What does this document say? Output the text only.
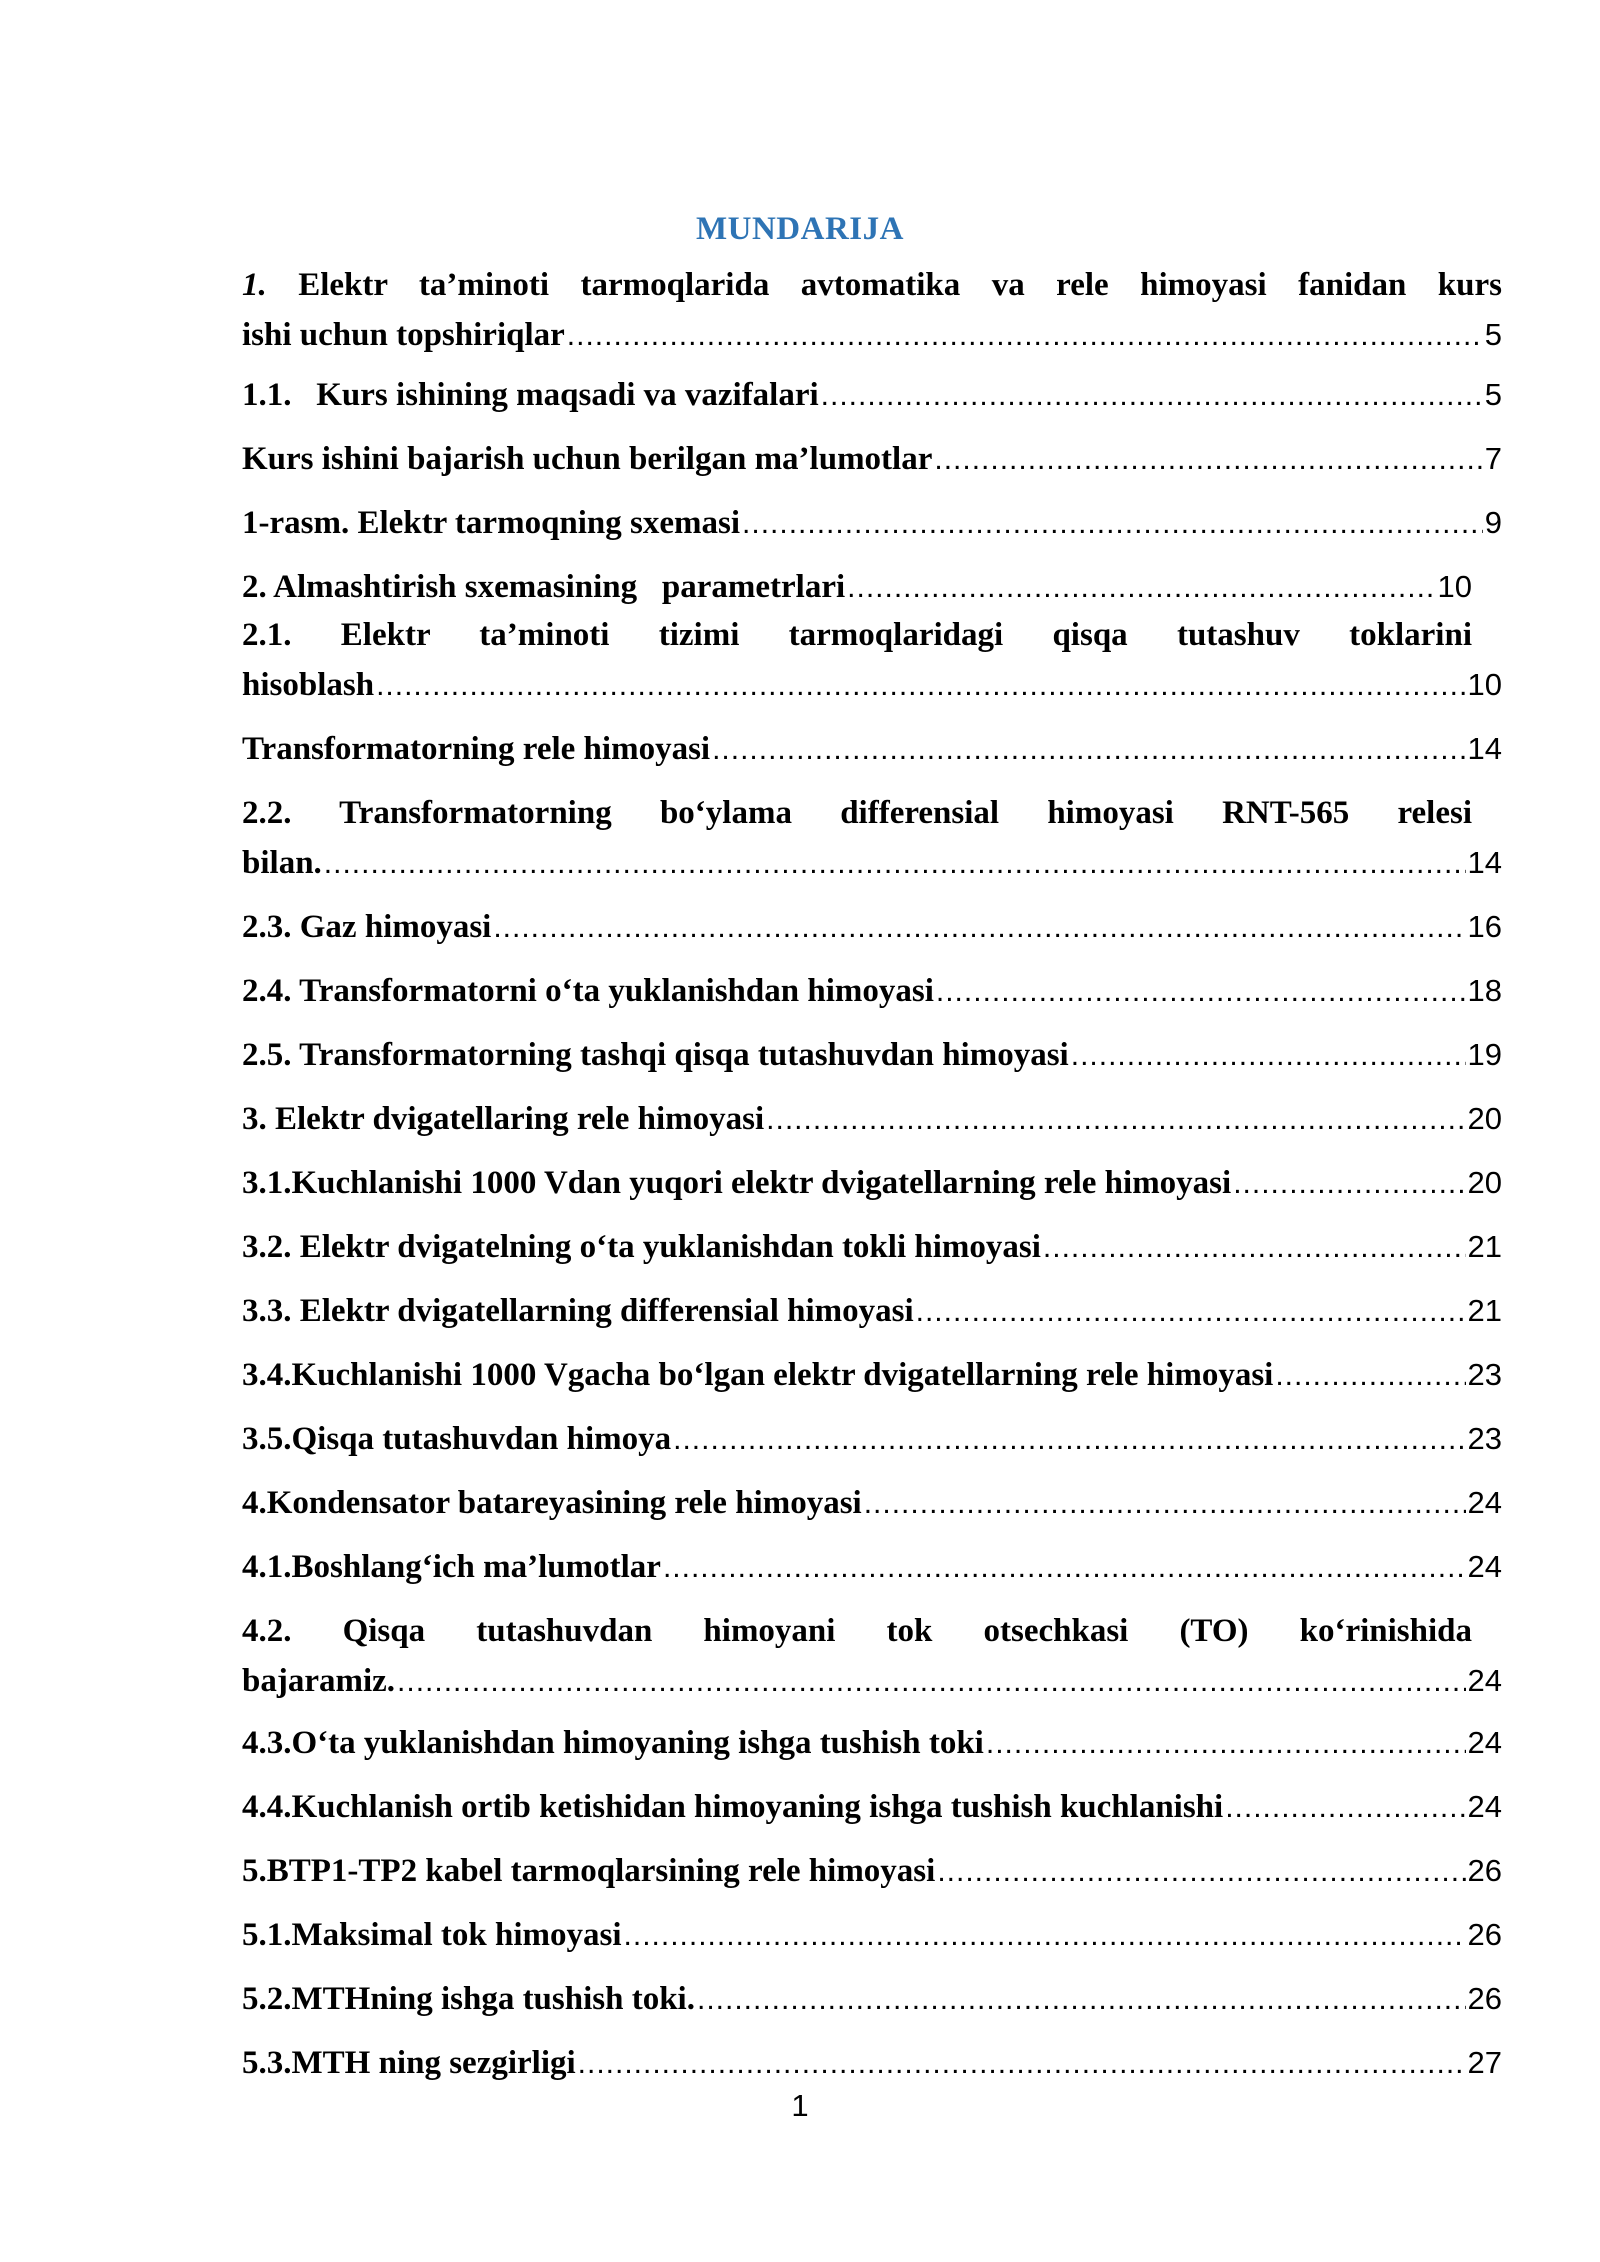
MUNDARIJA
1. Elektr ta’minoti tarmoqlarida avtomatika va rele himoyasi fanidan kurs
ishi uchun topshiriqlar .....	5
1.1.   Kurs ishining maqsadi va vazifalari .....	5
Kurs ishini bajarish uchun berilgan ma’lumotlar .....	7
1-rasm. Elektr tarmoqning sxemasi .....	9
2. Almashtirish sxemasining   parametrlari .....	10
2.1. Elektr ta’minoti tizimi tarmoqlaridagi qisqa tutashuv toklarini
hisoblash .....	10
Transformatorning rele himoyasi .....	14
2.2. Transformatorning bo‘ylama differensial himoyasi RNT-565 relesi
bilan. .....	14
2.3. Gaz himoyasi .....	16
2.4. Transformatorni o‘ta yuklanishdan himoyasi .....	18
2.5. Transformatorning tashqi qisqa tutashuvdan himoyasi .....	19
3. Elektr dvigatellaring rele himoyasi .....	20
3.1.Kuchlanishi 1000 Vdan yuqori elektr dvigatellarning rele himoyasi .....	20
3.2. Elektr dvigatelning o‘ta yuklanishdan tokli himoyasi .....	21
3.3. Elektr dvigatellarning differensial himoyasi .....	21
3.4.Kuchlanishi 1000 Vgacha bo‘lgan elektr dvigatellarning rele himoyasi .....	23
3.5.Qisqa tutashuvdan himoya .....	23
4.Kondensator batareyasining rele himoyasi .....	24
4.1.Boshlang‘ich ma’lumotlar .....	24
4.2. Qisqa tutashuvdan himoyani tok otsechkasi (TO) ko‘rinishida
bajaramiz. .....	24
4.3.O‘ta yuklanishdan himoyaning ishga tushish toki .....	24
4.4.Kuchlanish ortib ketishidan himoyaning ishga tushish kuchlanishi .....	24
5.BTP1-TP2 kabel tarmoqlarsining rele himoyasi .....	26
5.1.Maksimal tok himoyasi .....	26
5.2.MTHning ishga tushish toki. .....	26
5.3.MTH ning sezgirligi .....	27
1
